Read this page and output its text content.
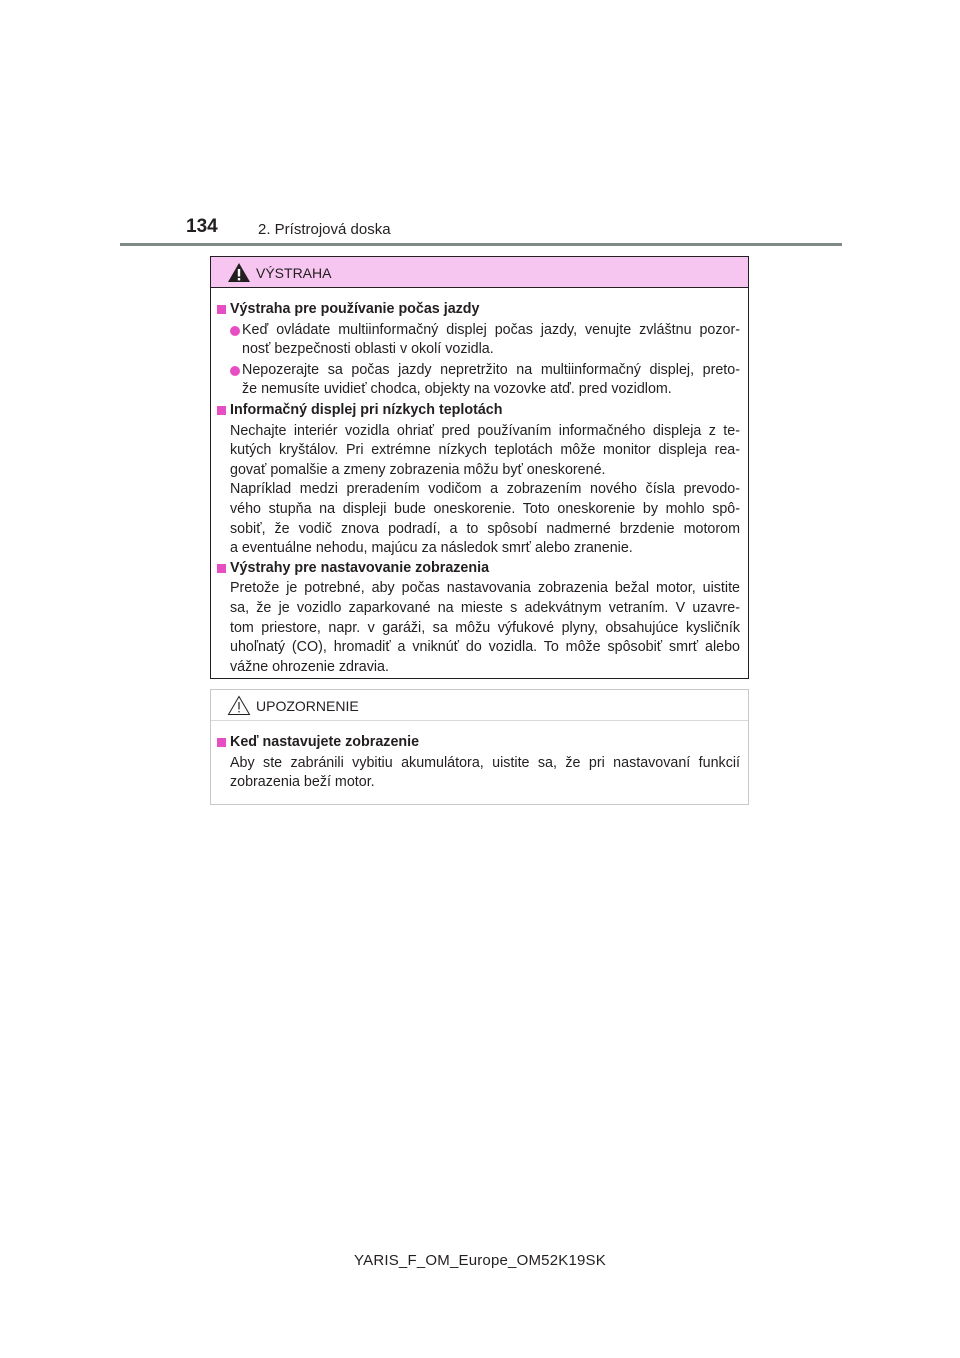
134	2. Prístrojová doska
VÝSTRAHA
Výstraha pre používanie počas jazdy
Keď ovládate multiinformačný displej počas jazdy, venujte zvláštnu pozor-
nosť bezpečnosti oblasti v okolí vozidla.
Nepozerajte sa počas jazdy nepretržito na multiinformačný displej, preto-
že nemusíte uvidieť chodca, objekty na vozovke atď. pred vozidlom.
Informačný displej pri nízkych teplotách
Nechajte interiér vozidla ohriať pred používaním informačného displeja z te-
kutých kryštálov. Pri extrémne nízkych teplotách môže monitor displeja rea-
govať pomalšie a zmeny zobrazenia môžu byť oneskorené.
Napríklad medzi preradením vodičom a zobrazením nového čísla prevodo-
vého stupňa na displeji bude oneskorenie. Toto oneskorenie by mohlo spô-
sobiť, že vodič znova podradí, a to spôsobí nadmerné brzdenie motorom
a eventuálne nehodu, majúcu za následok smrť alebo zranenie.
Výstrahy pre nastavovanie zobrazenia
Pretože je potrebné, aby počas nastavovania zobrazenia bežal motor, uistite
sa, že je vozidlo zaparkované na mieste s adekvátnym vetraním. V uzavre-
tom priestore, napr. v garáži, sa môžu výfukové plyny, obsahujúce kysličník
uhoľnatý (CO), hromadiť a vniknúť do vozidla. To môže spôsobiť smrť alebo
vážne ohrozenie zdravia.
UPOZORNENIE
Keď nastavujete zobrazenie
Aby ste zabránili vybitiu akumulátora, uistite sa, že pri nastavovaní funkcií
zobrazenia beží motor.
YARIS_F_OM_Europe_OM52K19SK
